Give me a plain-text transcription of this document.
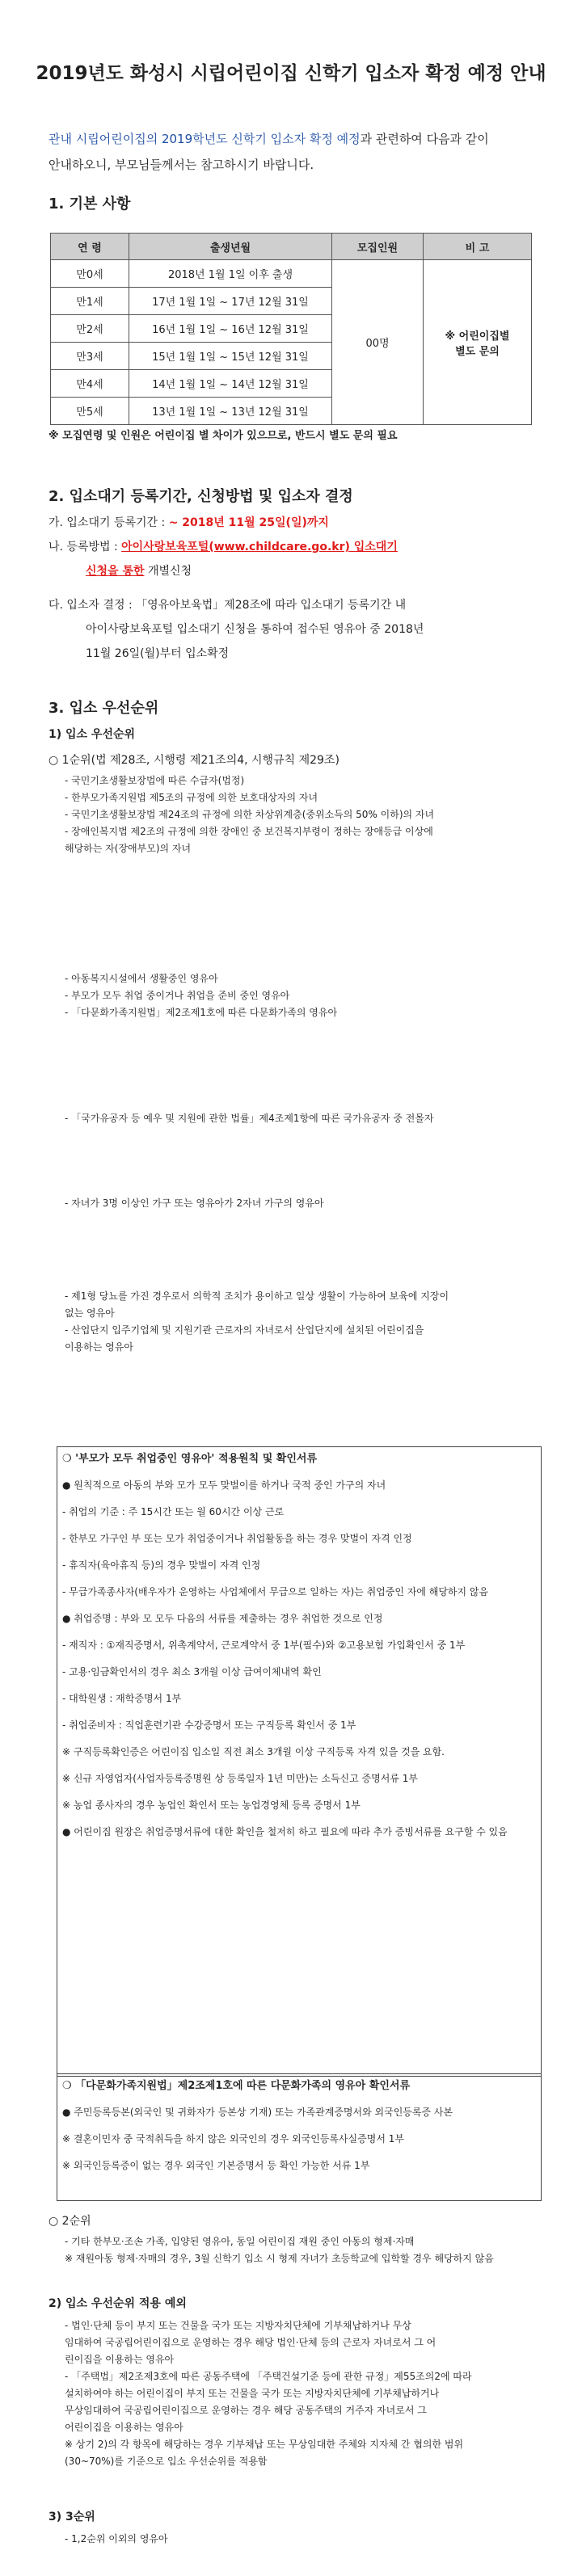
2019년도 화성시 시립어린이집 신학기 입소자 확정 예정 안내
관내 시립어린이집의 2019학년도 신학기 입소자 확정 예정과 관련하여 다음과 같이
안내하오니, 부모님들께서는 참고하시기 바랍니다.
1. 기본 사항
연 령	출생년월	모집인원	비 고
만0세	2018년 1월 1일 이후 출생	00명	※ 어린이집별
별도 문의
만1세	17년 1월 1일 ~ 17년 12월 31일		
만2세	16년 1월 1일 ~ 16년 12월 31일		
만3세	15년 1월 1일 ~ 15년 12월 31일		
만4세	14년 1월 1일 ~ 14년 12월 31일		
만5세	13년 1월 1일 ~ 13년 12월 31일		
※ 모집연령 및 인원은 어린이집 별 차이가 있으므로, 반드시 별도 문의 필요
2. 입소대기 등록기간, 신청방법 및 입소자 결정

가. 입소대기 등록기간 : ~ 2018년 11월 25일(일)까지

나. 등록방법 : 아이사랑보육포털(www.childcare.go.kr) 입소대기

신청을 통한 개별신청

다. 입소자 결정 : 「영유아보육법」제28조에 따라 입소대기 등록기간 내

아이사랑보육포털 입소대기 신청을 통하여 접수된 영유아 중 2018년

11월 26일(월)부터 입소확정

3. 입소 우선순위
1) 입소 우선순위

○ 1순위(법 제28조, 시행령 제21조의4, 시행규칙 제29조)

- 국민기초생활보장법에 따른 수급자(법정)

- 한부모가족지원법 제5조의 규정에 의한 보호대상자의 자녀

- 국민기초생활보장법 제24조의 규정에 의한 차상위계층(중위소득의 50% 이하)의 자녀

- 장애인복지법 제2조의 규정에 의한 장애인 중 보건복지부령이 정하는 장애등급 이상에

해당하는 자(장애부모)의 자녀

- 아동복지시설에서 생활중인 영유아

- 부모가 모두 취업 중이거나 취업을 준비 중인 영유아

- 「다문화가족지원법」제2조제1호에 따른 다문화가족의 영유아

- 「국가유공자 등 예우 및 지원에 관한 법률」제4조제1항에 따른 국가유공자 중 전몰자

- 자녀가 3명 이상인 가구 또는 영유아가 2자녀 가구의 영유아

- 제1형 당뇨를 가진 경우로서 의학적 조치가 용이하고 일상 생활이 가능하여 보육에 지장이

없는 영유아

- 산업단지 입주기업체 및 지원기관 근로자의 자녀로서 산업단지에 설치된 어린이집을

이용하는 영유아

❍ '부모가 모두 취업중인 영유아' 적용원칙 및 확인서류

● 원칙적으로 아동의 부와 모가 모두 맞벌이를 하거나 국적 중인 가구의 자녀

- 취업의 기준 : 주 15시간 또는 월 60시간 이상 근로

- 한부모 가구인 부 또는 모가 취업중이거나 취업활동을 하는 경우 맞벌이 자격 인정

- 휴직자(육아휴직 등)의 경우 맞벌이 자격 인정

- 무급가족종사자(배우자가 운영하는 사업체에서 무급으로 일하는 자)는 취업중인 자에 해당하지 않음

● 취업증명 : 부와 모 모두 다음의 서류를 제출하는 경우 취업한 것으로 인정

- 재직자 : ①재직증명서, 위촉계약서, 근로계약서 중 1부(필수)와 ②고용보험 가입확인서 중 1부

- 고용·임금확인서의 경우 최소 3개월 이상 급여이체내역 확인

- 대학원생 : 재학증명서 1부

- 취업준비자 : 직업훈련기관 수강증명서 또는 구직등록 확인서 중 1부

※ 구직등록확인증은 어린이집 입소일 직전 최소 3개월 이상 구직등록 자격 있을 것을 요함.

※ 신규 자영업자(사업자등록증명원 상 등록일자 1년 미만)는 소득신고 증명서류 1부

※ 농업 종사자의 경우 농업인 확인서 또는 농업경영체 등록 증명서 1부

● 어린이집 원장은 취업증명서류에 대한 확인을 철저히 하고 필요에 따라 추가 증빙서류를 요구할 수 있음

❍ 「다문화가족지원법」제2조제1호에 따른 다문화가족의 영유아 확인서류

● 주민등록등본(외국인 및 귀화자가 등본상 기재) 또는 가족관계증명서와 외국인등록증 사본

※ 결혼이민자 중 국적취득을 하지 않은 외국인의 경우 외국인등록사실증명서 1부

※ 외국인등록증이 없는 경우 외국인 기본증명서 등 확인 가능한 서류 1부

○ 2순위

- 기타 한부모·조손 가족, 입양된 영유아, 동일 어린이집 재원 중인 아동의 형제·자매

※ 재원아동 형제·자매의 경우, 3월 신학기 입소 시 형제 자녀가 초등학교에 입학할 경우 해당하지 않음

2) 입소 우선순위 적용 예외

- 법인·단체 등이 부지 또는 건물을 국가 또는 지방자치단체에 기부채납하거나 무상

임대하여 국공립어린이집으로 운영하는 경우 해당 법인·단체 등의 근로자 자녀로서 그 어

린이집을 이용하는 영유아

- 「주택법」제2조제3호에 따른 공동주택에 「주택건설기준 등에 관한 규정」제55조의2에 따라

설치하여야 하는 어린이집이 부지 또는 건물을 국가 또는 지방자치단체에 기부채납하거나

무상임대하여 국공립어린이집으로 운영하는 경우 해당 공동주택의 거주자 자녀로서 그

어린이집을 이용하는 영유아

※ 상기 2)의 각 항목에 해당하는 경우 기부채납 또는 무상임대한 주체와 지자체 간 협의한 범위

(30~70%)를 기준으로 입소 우선순위를 적용함

3) 3순위
- 1,2순위 이외의 영유아
